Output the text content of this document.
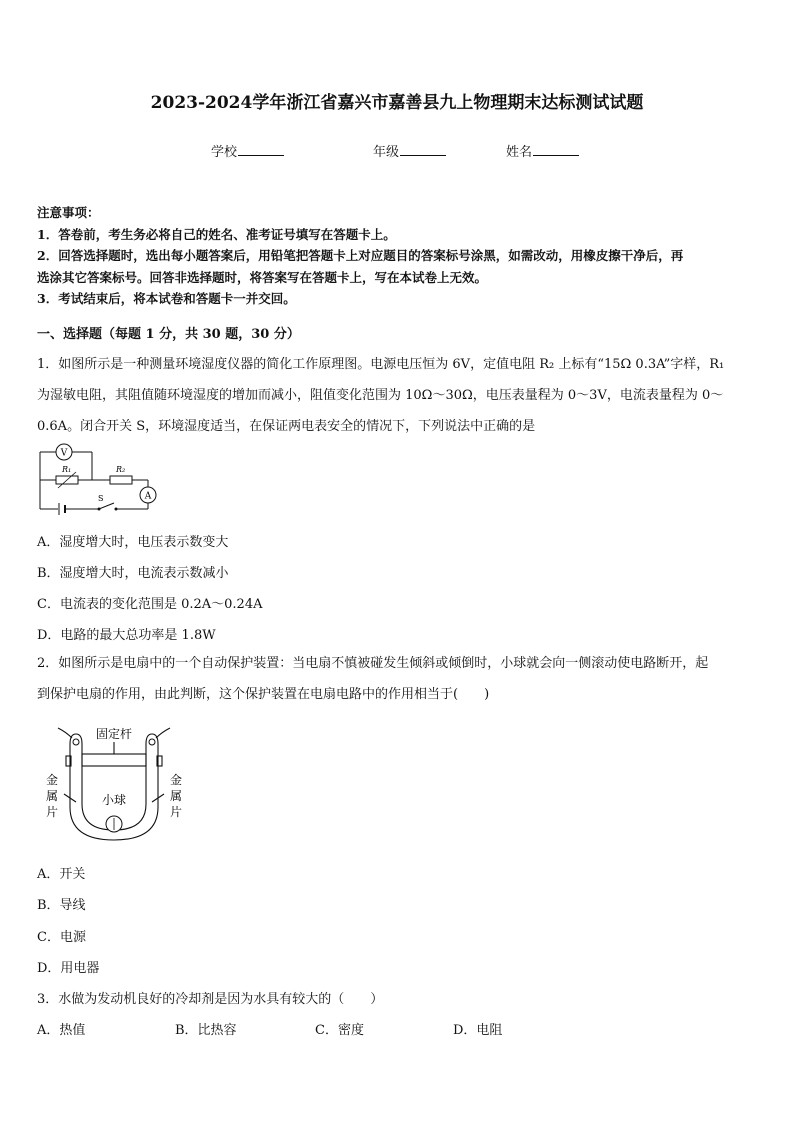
2023-2024学年浙江省嘉兴市嘉善县九上物理期末达标测试试题
学校	年级	姓名
注意事项：
1．答卷前，考生务必将自己的姓名、准考证号填写在答题卡上。
2．回答选择题时，选出每小题答案后，用铅笔把答题卡上对应题目的答案标号涂黑，如需改动，用橡皮擦干净后，再
选涂其它答案标号。回答非选择题时，将答案写在答题卡上，写在本试卷上无效。
3．考试结束后，将本试卷和答题卡一并交回。
一、选择题（每题 1 分，共 30 题，30 分）
1．如图所示是一种测量环境湿度仪器的简化工作原理图。电源电压恒为 6V，定值电阻 R₂ 上标有“15Ω 0.3A”字样，R₁
为湿敏电阻，其阻值随环境湿度的增加而减小，阻值变化范围为 10Ω～30Ω，电压表量程为 0～3V，电流表量程为 0～
0.6A。闭合开关 S，环境湿度适当，在保证两电表安全的情况下，下列说法中正确的是
V
R₁	R₂
A
S
A．湿度增大时，电压表示数变大
B．湿度增大时，电流表示数减小
C．电流表的变化范围是 0.2A～0.24A
D．电路的最大总功率是 1.8W
2．如图所示是电扇中的一个自动保护装置：当电扇不慎被碰发生倾斜或倾倒时，小球就会向一侧滚动使电路断开，起
到保护电扇的作用，由此判断，这个保护装置在电扇电路中的作用相当于(　　)
固定杆
小球
金
属
片
金
属
片
A．开关
B．导线
C．电源
D．用电器
3．水做为发动机良好的冷却剂是因为水具有较大的（　　）
A．热值	B．比热容	C．密度	D．电阻
